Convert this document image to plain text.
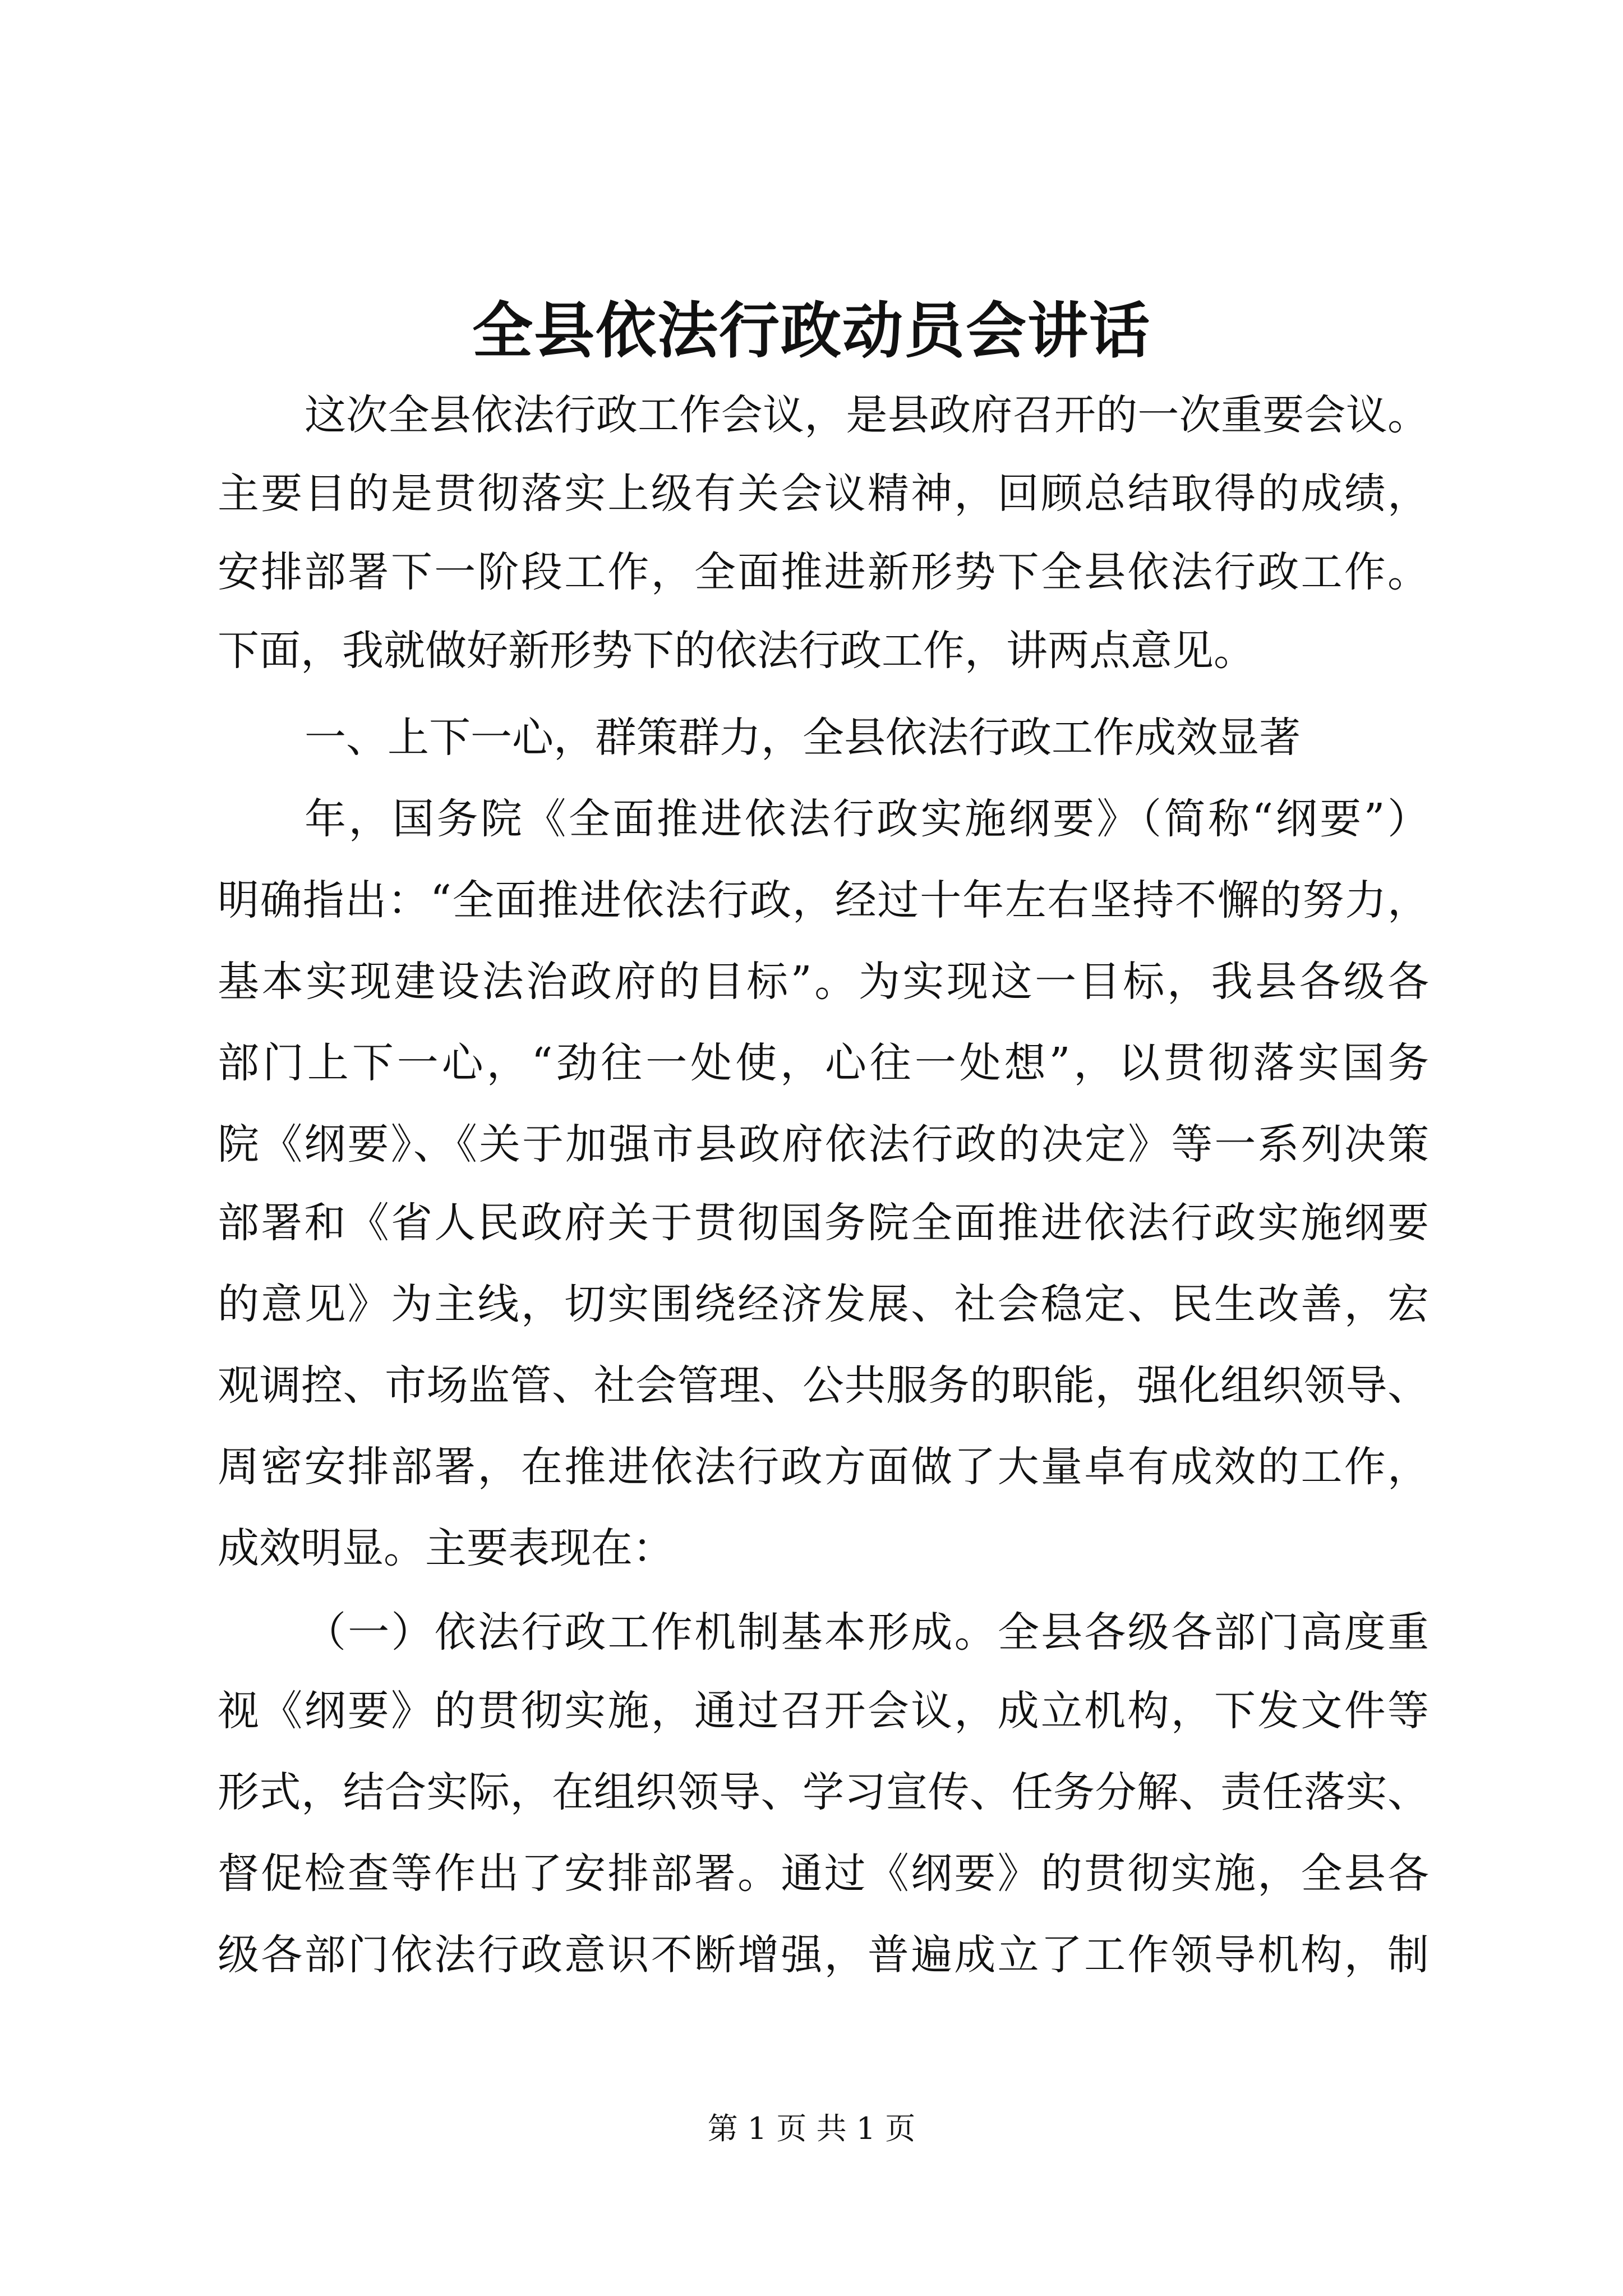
全县依法行政动员会讲话
这次全县依法行政工作会议，是县政府召开的一次重要会议。
主要目的是贯彻落实上级有关会议精神，回顾总结取得的成绩，
安排部署下一阶段工作，全面推进新形势下全县依法行政工作。
下面，我就做好新形势下的依法行政工作，讲两点意见。
一、上下一心，群策群力，全县依法行政工作成效显著
年，国务院《全面推进依法行政实施纲要》（简称“纲要”）
明确指出：“全面推进依法行政，经过十年左右坚持不懈的努力，
基本实现建设法治政府的目标”。为实现这一目标，我县各级各
部门上下一心，“劲往一处使，心往一处想”，以贯彻落实国务
院《纲要》、《关于加强市县政府依法行政的决定》等一系列决策
部署和《省人民政府关于贯彻国务院全面推进依法行政实施纲要
的意见》为主线，切实围绕经济发展、社会稳定、民生改善，宏
观调控、市场监管、社会管理、公共服务的职能，强化组织领导、
周密安排部署，在推进依法行政方面做了大量卓有成效的工作，
成效明显。主要表现在：
（一）依法行政工作机制基本形成。全县各级各部门高度重
视《纲要》的贯彻实施，通过召开会议，成立机构，下发文件等
形式，结合实际，在组织领导、学习宣传、任务分解、责任落实、
督促检查等作出了安排部署。通过《纲要》的贯彻实施，全县各
级各部门依法行政意识不断增强，普遍成立了工作领导机构，制
第 1 页 共 1 页
